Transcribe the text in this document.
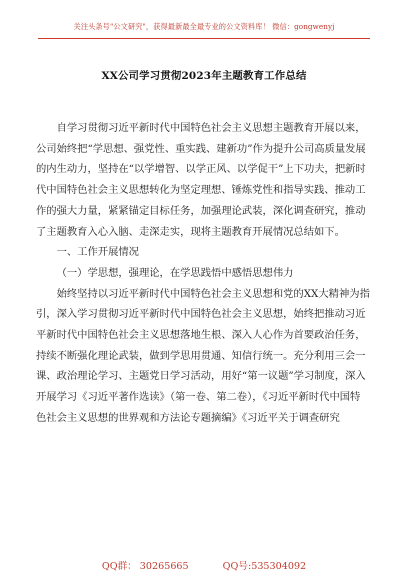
关注头条号"公文研究"，获得最新最全最专业的公文资料库！ 微信：gongwenyj
XX公司学习贯彻2023年主题教育工作总结

自学习贯彻习近平新时代中国特色社会主义思想主题教育开展以来，公司始终把“学思想、强党性、重实践、建新功”作为提升公司高质量发展的内生动力，坚持在“以学增智、以学正风、以学促干”上下功夫，把新时代中国特色社会主义思想转化为坚定理想、锤炼党性和指导实践、推动工作的强大力量，紧紧锚定目标任务，加强理论武装，深化调查研究，推动了主题教育入心入脑、走深走实，现将主题教育开展情况总结如下。

一、工作开展情况

（一）学思想，强理论，在学思践悟中感悟思想伟力

始终坚持以习近平新时代中国特色社会主义思想和党的XX大精神为指引，深入学习贯彻习近平新时代中国特色社会主义思想，始终把推动习近平新时代中国特色社会主义思想落地生根、深入人心作为首要政治任务，持续不断强化理论武装，做到学思用贯通、知信行统一。充分利用三会一课、政治理论学习、主题党日学习活动，用好“第一议题”学习制度，深入开展学习《习近平著作选读》（第一卷、第二卷），《习近平新时代中国特色社会主义思想的世界观和方法论专题摘编》《习近平关于调查研究

QQ群： 30265665	QQ号:535304092
